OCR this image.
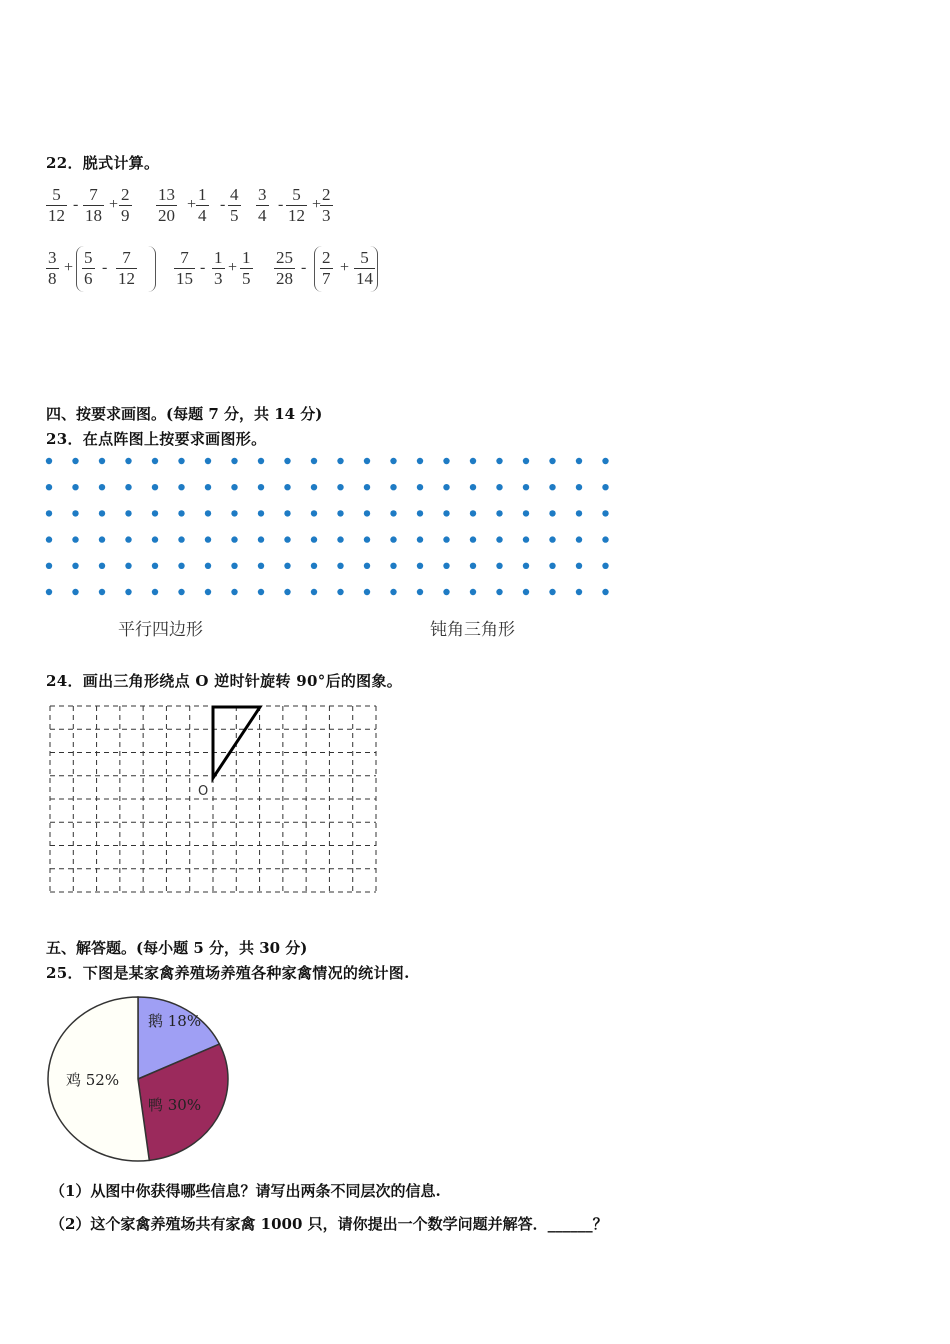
22．脱式计算。
$\frac{5}{12} - \frac{7}{18} + \frac{2}{9} \frac{13}{20} + \frac{1}{4} - \frac{4}{5} \frac{3}{4} - \frac{5}{12}$ +
$\frac{2}{3}$
$\frac{3}{8} + \frac{5}{6} - \frac{7}{12} \frac{7}{15} - \frac{1}{3} + \frac{1}{5} \frac{25}{28} - \frac{2}{7} + \frac{5}{14}$
四、按要求画图。(每题 7 分，共 14 分)
23．在点阵图上按要求画图形。
平行四边形	钝角三角形
24．画出三角形绕点 O 逆时针旋转 90°后的图象。
O
五、解答题。(每小题 5 分，共 30 分)
25．下图是某家禽养殖场养殖各种家禽情况的统计图.
鹅 18%
鸭 30%
鸡 52%
（1）从图中你获得哪些信息？请写出两条不同层次的信息.
（2）这个家禽养殖场共有家禽 1000 只，请你提出一个数学问题并解答．______？
